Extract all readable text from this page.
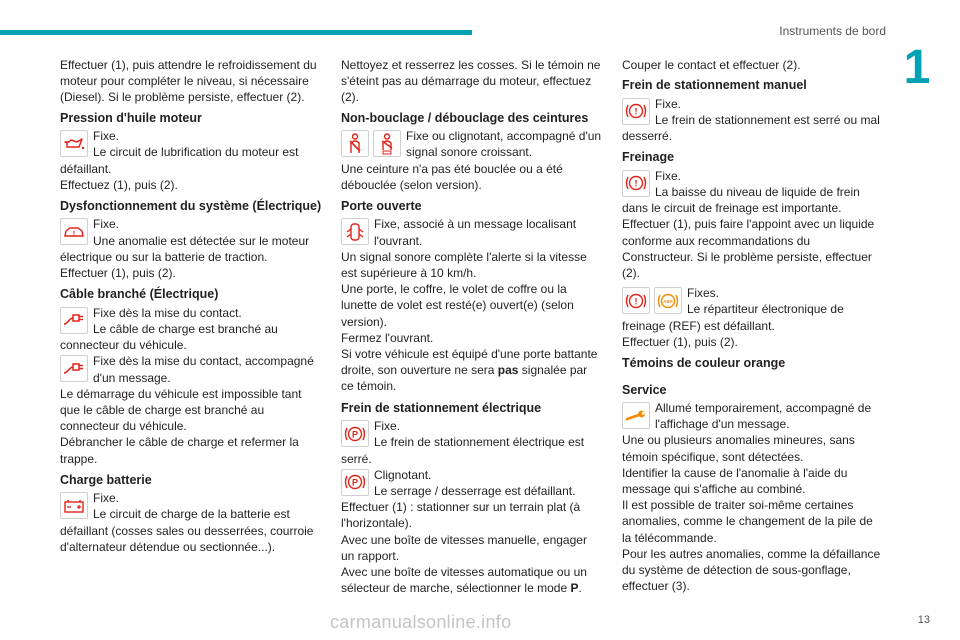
Instruments de bord
1

Effectuer (1), puis attendre le refroidissement du moteur pour compléter le niveau, si nécessaire (Diesel). Si le problème persiste, effectuer (2).

Pression d'huile moteur
Fixe.
Le circuit de lubrification du moteur est défaillant.
Effectuez (1), puis (2).
Dysfonctionnement du système (Électrique)
!
Fixe.
Une anomalie est détectée sur le moteur électrique ou sur la batterie de traction.
Effectuer (1), puis (2).
Câble branché (Électrique)
Fixe dès la mise du contact.
Le câble de charge est branché au connecteur du véhicule.
Fixe dès la mise du contact, accompagné d'un message.
Le démarrage du véhicule est impossible tant que le câble de charge est branché au connecteur du véhicule.
Débrancher le câble de charge et refermer la trappe.
Charge batterie
Fixe.
Le circuit de charge de la batterie est défaillant (cosses sales ou desserrées, courroie d'alternateur détendue ou sectionnée...).

Nettoyez et resserrez les cosses. Si le témoin ne s'éteint pas au démarrage du moteur, effectuez (2).

Non-bouclage / débouclage des ceintures
Fixe ou clignotant, accompagné d'un signal sonore croissant.
Une ceinture n'a pas été bouclée ou a été débouclée (selon version).
Porte ouverte
Fixe, associé à un message localisant l'ouvrant.
Un signal sonore complète l'alerte si la vitesse est supérieure à 10 km/h.
Une porte, le coffre, le volet de coffre ou la lunette de volet est resté(e) ouvert(e) (selon version).
Fermez l'ouvrant.
Si votre véhicule est équipé d'une porte battante droite, son ouverture ne sera pas signalée par ce témoin.
Frein de stationnement électrique
P
Fixe.
Le frein de stationnement électrique est serré.
P
Clignotant.
Le serrage / desserrage est défaillant.
Effectuer (1) : stationner sur un terrain plat (à l'horizontale).
Avec une boîte de vitesses manuelle, engager un rapport.
Avec une boîte de vitesses automatique ou un sélecteur de marche, sélectionner le mode P.

Couper le contact et effectuer (2).

Frein de stationnement manuel
!
Fixe.
Le frein de stationnement est serré ou mal desserré.
Freinage
!
Fixe.
La baisse du niveau de liquide de frein dans le circuit de freinage est importante.
Effectuer (1), puis faire l'appoint avec un liquide conforme aux recommandations du Constructeur. Si le problème persiste, effectuer (2).
!	ABS
Fixes.
Le répartiteur électronique de freinage (REF) est défaillant.
Effectuer (1), puis (2).
Témoins de couleur orange
Service
Allumé temporairement, accompagné de l'affichage d'un message.
Une ou plusieurs anomalies mineures, sans témoin spécifique, sont détectées.
Identifier la cause de l'anomalie à l'aide du message qui s'affiche au combiné.
Il est possible de traiter soi-même certaines anomalies, comme le changement de la pile de la télécommande.
Pour les autres anomalies, comme la défaillance du système de détection de sous-gonflage, effectuer (3).
carmanualsonline.info	13
